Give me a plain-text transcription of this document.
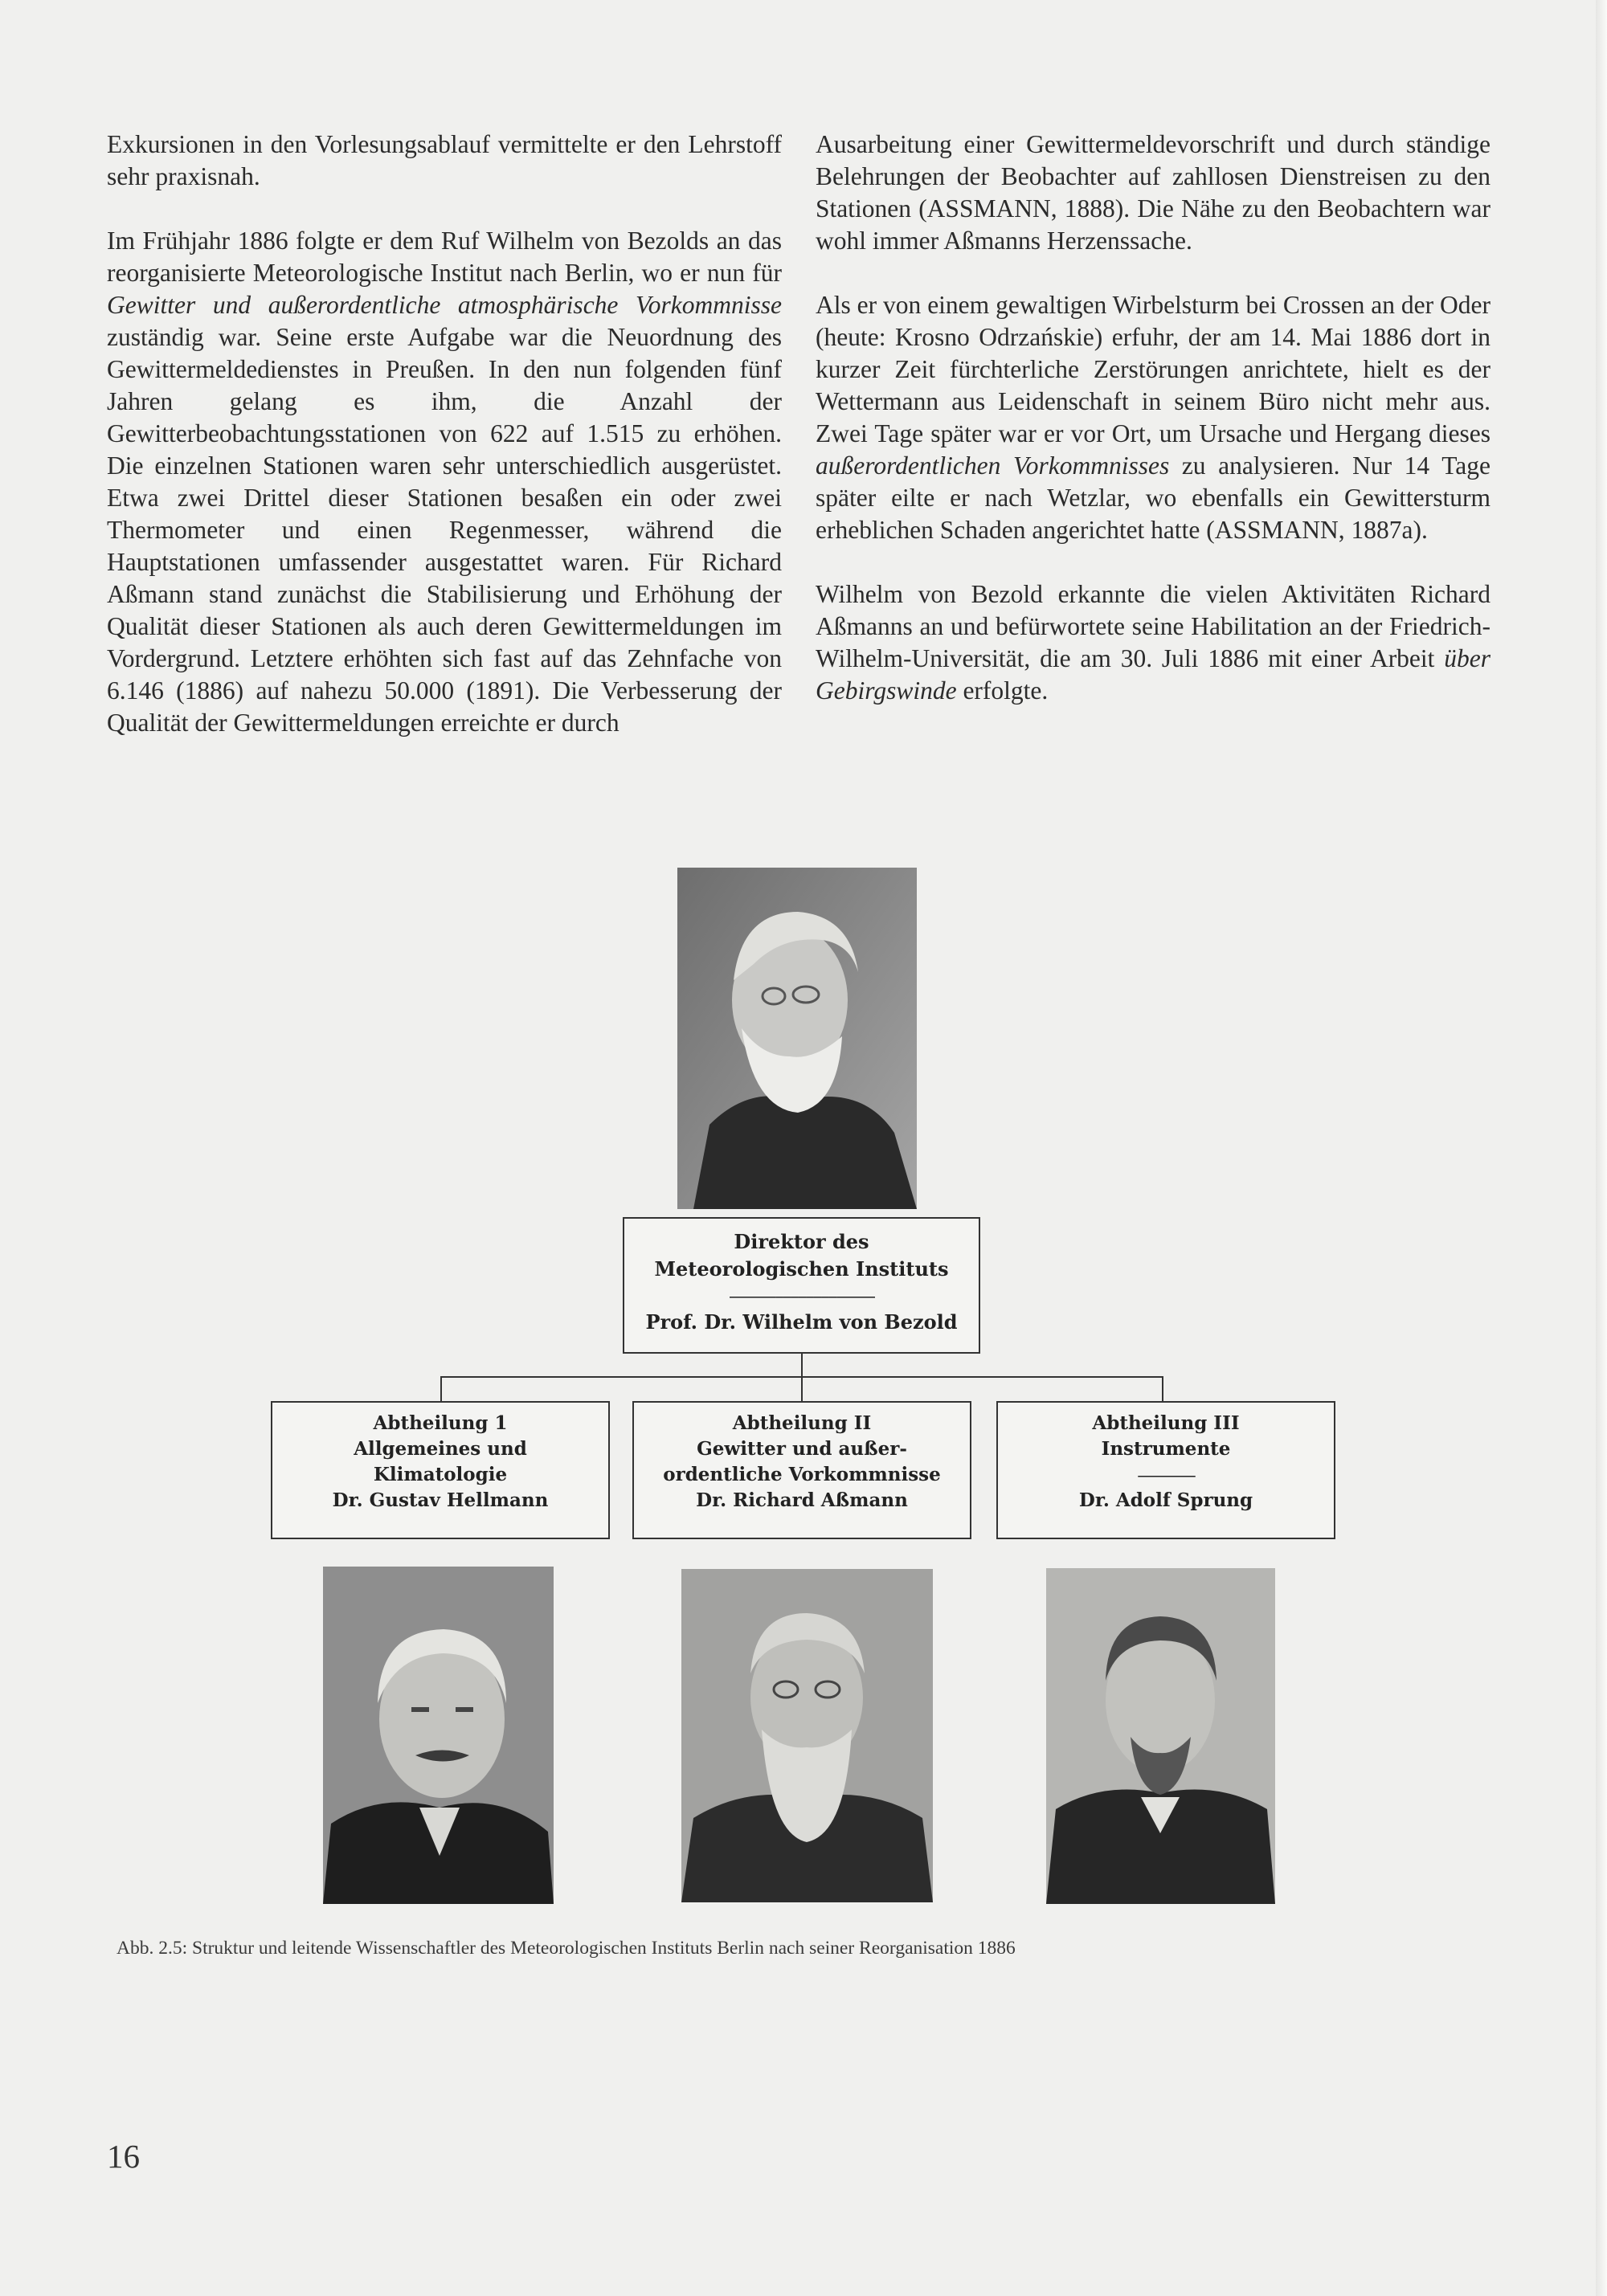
Exkursionen in den Vorlesungsablauf vermittelte er den Lehrstoff sehr praxisnah.

Im Frühjahr 1886 folgte er dem Ruf Wilhelm von Bezolds an das reorganisierte Meteorologische Institut nach Berlin, wo er nun für Gewitter und außerordentliche atmosphärische Vorkommnisse zuständig war. Seine erste Aufgabe war die Neuordnung des Gewittermeldedienstes in Preußen. In den nun folgenden fünf Jahren gelang es ihm, die Anzahl der Gewitterbeobachtungsstationen von 622 auf 1.515 zu erhöhen. Die einzelnen Stationen waren sehr unterschiedlich ausgerüstet. Etwa zwei Drittel dieser Stationen besaßen ein oder zwei Thermometer und einen Regenmesser, während die Hauptstationen umfassender ausgestattet waren. Für Richard Aßmann stand zunächst die Stabilisierung und Erhöhung der Qualität dieser Stationen als auch deren Gewittermeldungen im Vordergrund. Letztere erhöhten sich fast auf das Zehnfache von 6.146 (1886) auf nahezu 50.000 (1891). Die Verbesserung der Qualität der Gewittermeldungen erreichte er durch

Ausarbeitung einer Gewittermeldevorschrift und durch ständige Belehrungen der Beobachter auf zahllosen Dienstreisen zu den Stationen (ASSMANN, 1888). Die Nähe zu den Beobachtern war wohl immer Aßmanns Herzenssache.

Als er von einem gewaltigen Wirbelsturm bei Crossen an der Oder (heute: Krosno Odrzańskie) erfuhr, der am 14. Mai 1886 dort in kurzer Zeit fürchterliche Zerstörungen anrichtete, hielt es der Wettermann aus Leidenschaft in seinem Büro nicht mehr aus. Zwei Tage später war er vor Ort, um Ursache und Hergang dieses außerordentlichen Vorkommnisses zu analysieren. Nur 14 Tage später eilte er nach Wetzlar, wo ebenfalls ein Gewittersturm erheblichen Schaden angerichtet hatte (ASSMANN, 1887a).

Wilhelm von Bezold erkannte die vielen Aktivitäten Richard Aßmanns an und befürwortete seine Habilitation an der Friedrich-Wilhelm-Universität, die am 30. Juli 1886 mit einer Arbeit über Gebirgswinde erfolgte.

Direktor des
Meteorologischen Instituts
--------------------------------------
Prof. Dr. Wilhelm von Bezold
Abtheilung 1
Allgemeines und
Klimatologie
Dr. Gustav Hellmann
Abtheilung II
Gewitter und außer-
ordentliche Vorkommnisse
Dr. Richard Aßmann
Abtheilung III
Instrumente
---------------
Dr. Adolf Sprung
Abb. 2.5: Struktur und leitende Wissenschaftler des Meteorologischen Instituts Berlin nach seiner Reorganisation 1886
16
